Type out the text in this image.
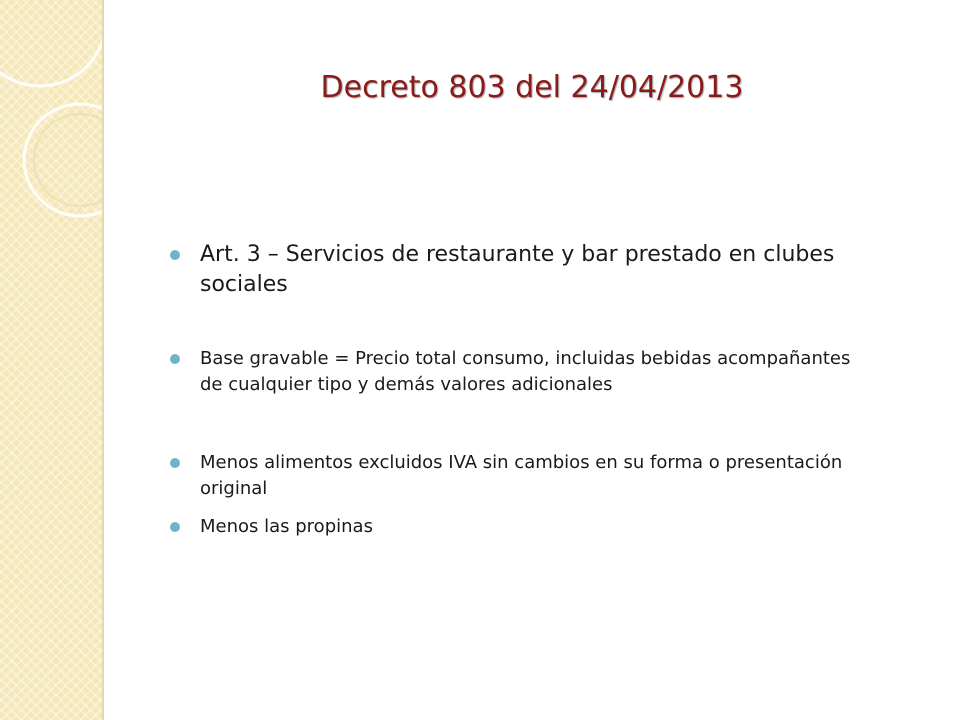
Decreto 803 del 24/04/2013
Art. 3 – Servicios de restaurante y bar prestado en clubes sociales
Base gravable = Precio total consumo, incluidas bebidas acompañantes de cualquier tipo y demás valores adicionales
Menos alimentos excluidos IVA sin cambios en su forma o presentación original
Menos las propinas
